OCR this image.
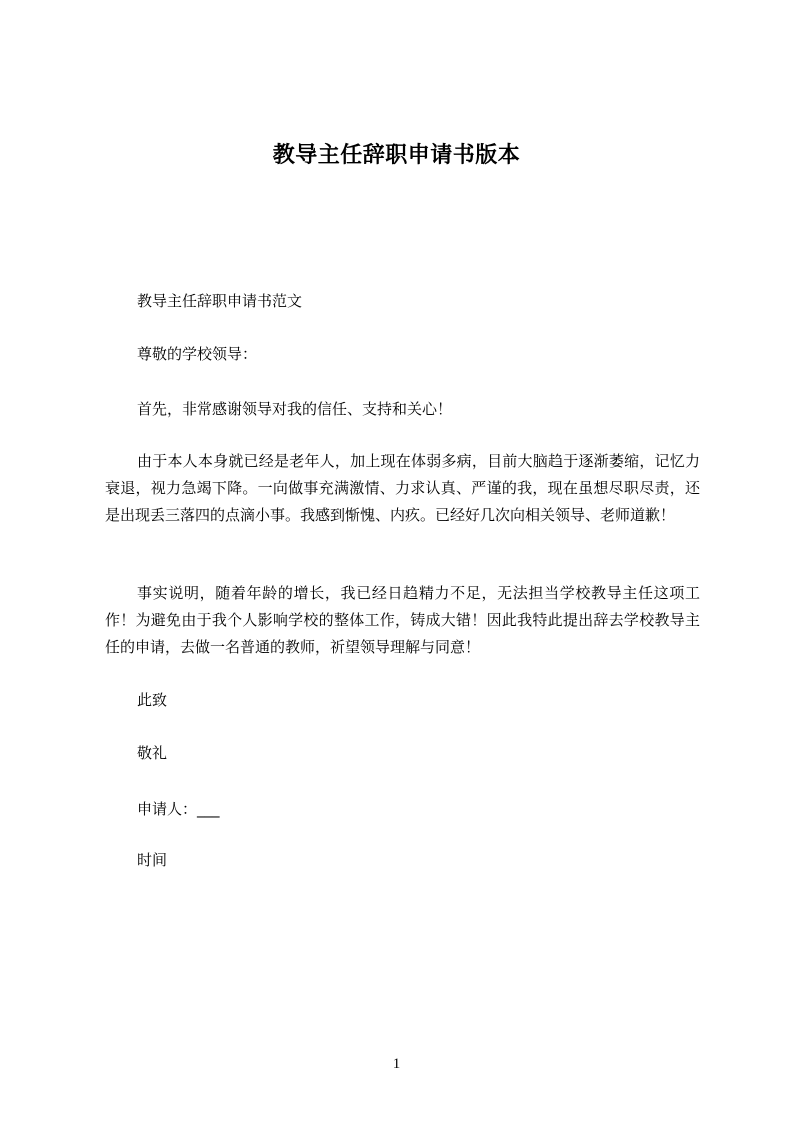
教导主任辞职申请书版本
教导主任辞职申请书范文
尊敬的学校领导：
首先，非常感谢领导对我的信任、支持和关心！
由于本人本身就已经是老年人，加上现在体弱多病，目前大脑趋于逐渐萎缩，记忆力衰退，视力急竭下降。一向做事充满激情、力求认真、严谨的我，现在虽想尽职尽责，还是出现丢三落四的点滴小事。我感到惭愧、内疚。已经好几次向相关领导、老师道歉！
事实说明，随着年龄的增长，我已经日趋精力不足，无法担当学校教导主任这项工作！为避免由于我个人影响学校的整体工作，铸成大错！因此我特此提出辞去学校教导主任的申请，去做一名普通的教师，祈望领导理解与同意！
此致
敬礼
申请人：___
时间
1
